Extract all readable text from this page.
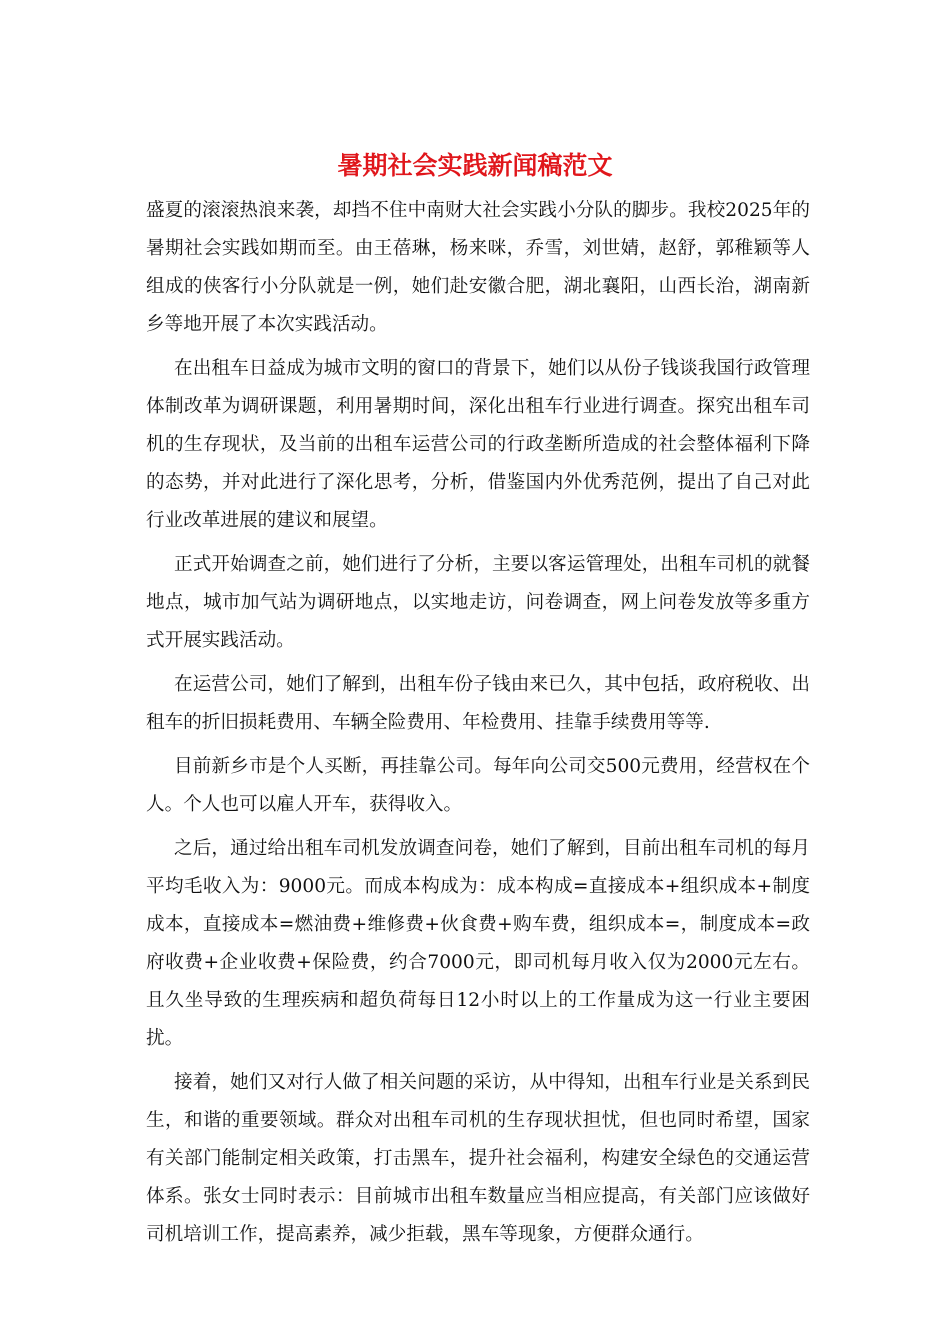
暑期社会实践新闻稿范文

盛夏的滚滚热浪来袭，却挡不住中南财大社会实践小分队的脚步。我校2025年的暑期社会实践如期而至。由王蓓琳，杨来咪，乔雪，刘世婧，赵舒，郭稚颖等人组成的侠客行小分队就是一例，她们赴安徽合肥，湖北襄阳，山西长治，湖南新乡等地开展了本次实践活动。

在出租车日益成为城市文明的窗口的背景下，她们以从份子钱谈我国行政管理体制改革为调研课题，利用暑期时间，深化出租车行业进行调查。探究出租车司机的生存现状，及当前的出租车运营公司的行政垄断所造成的社会整体福利下降的态势，并对此进行了深化思考，分析，借鉴国内外优秀范例，提出了自己对此行业改革进展的建议和展望。

正式开始调查之前，她们进行了分析，主要以客运管理处，出租车司机的就餐地点，城市加气站为调研地点，以实地走访，问卷调查，网上问卷发放等多重方式开展实践活动。

在运营公司，她们了解到，出租车份子钱由来已久，其中包括，政府税收、出租车的折旧损耗费用、车辆全险费用、年检费用、挂靠手续费用等等.

目前新乡市是个人买断，再挂靠公司。每年向公司交500元费用，经营权在个人。个人也可以雇人开车，获得收入。

之后，通过给出租车司机发放调查问卷，她们了解到，目前出租车司机的每月平均毛收入为：9000元。而成本构成为：成本构成=直接成本+组织成本+制度成本，直接成本=燃油费+维修费+伙食费+购车费，组织成本=，制度成本=政府收费+企业收费+保险费，约合7000元，即司机每月收入仅为2000元左右。且久坐导致的生理疾病和超负荷每日12小时以上的工作量成为这一行业主要困扰。

接着，她们又对行人做了相关问题的采访，从中得知，出租车行业是关系到民生，和谐的重要领域。群众对出租车司机的生存现状担忧，但也同时希望，国家有关部门能制定相关政策，打击黑车，提升社会福利，构建安全绿色的交通运营体系。张女士同时表示：目前城市出租车数量应当相应提高，有关部门应该做好司机培训工作，提高素养，减少拒载，黑车等现象，方便群众通行。
